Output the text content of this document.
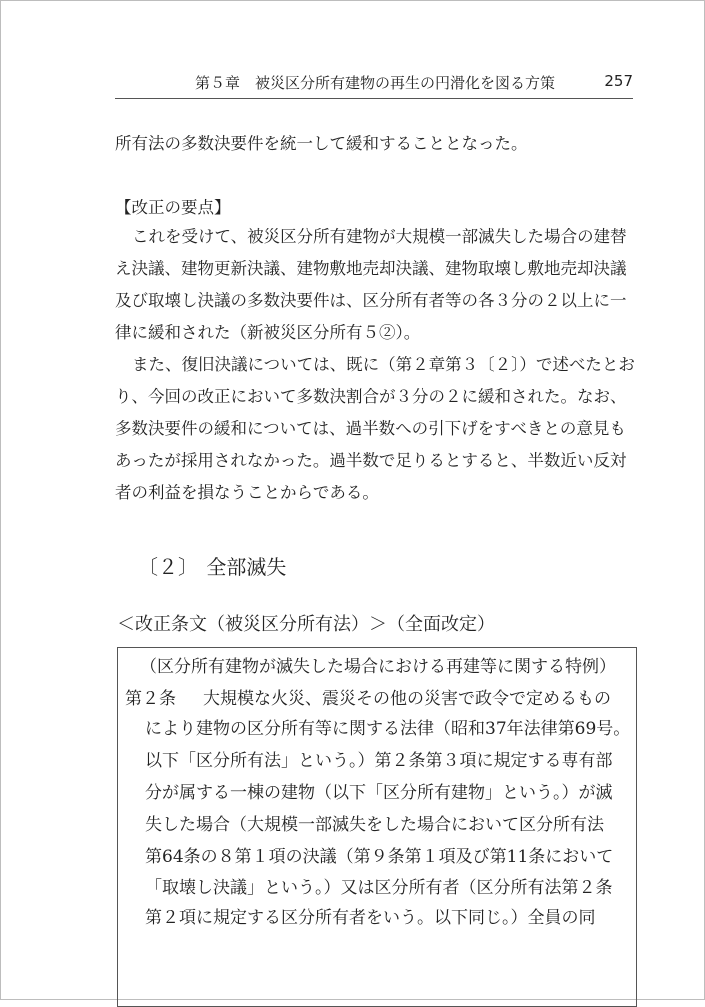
第５章　被災区分所有建物の再生の円滑化を図る方策	257
所有法の多数決要件を統一して緩和することとなった。
【改正の要点】
これを受けて、被災区分所有建物が大規模一部滅失した場合の建替
え決議、建物更新決議、建物敷地売却決議、建物取壊し敷地売却決議
及び取壊し決議の多数決要件は、区分所有者等の各３分の２以上に一
律に緩和された（新被災区分所有５②）。
また、復旧決議については、既に（第２章第３〔２〕）で述べたとお
り、今回の改正において多数決割合が３分の２に緩和された。なお、
多数決要件の緩和については、過半数への引下げをすべきとの意見も
あったが採用されなかった。過半数で足りるとすると、半数近い反対
者の利益を損なうことからである。
〔２〕 全部滅失
＜改正条文（被災区分所有法）＞（全面改定）
（区分所有建物が滅失した場合における再建等に関する特例）
第２条 大規模な火災、震災その他の災害で政令で定めるもの
により建物の区分所有等に関する法律（昭和37年法律第69号。
以下「区分所有法」という。）第２条第３項に規定する専有部
分が属する一棟の建物（以下「区分所有建物」という。）が滅
失した場合（大規模一部滅失をした場合において区分所有法
第64条の８第１項の決議（第９条第１項及び第11条において
「取壊し決議」という。）又は区分所有者（区分所有法第２条
第２項に規定する区分所有者をいう。以下同じ。）全員の同
